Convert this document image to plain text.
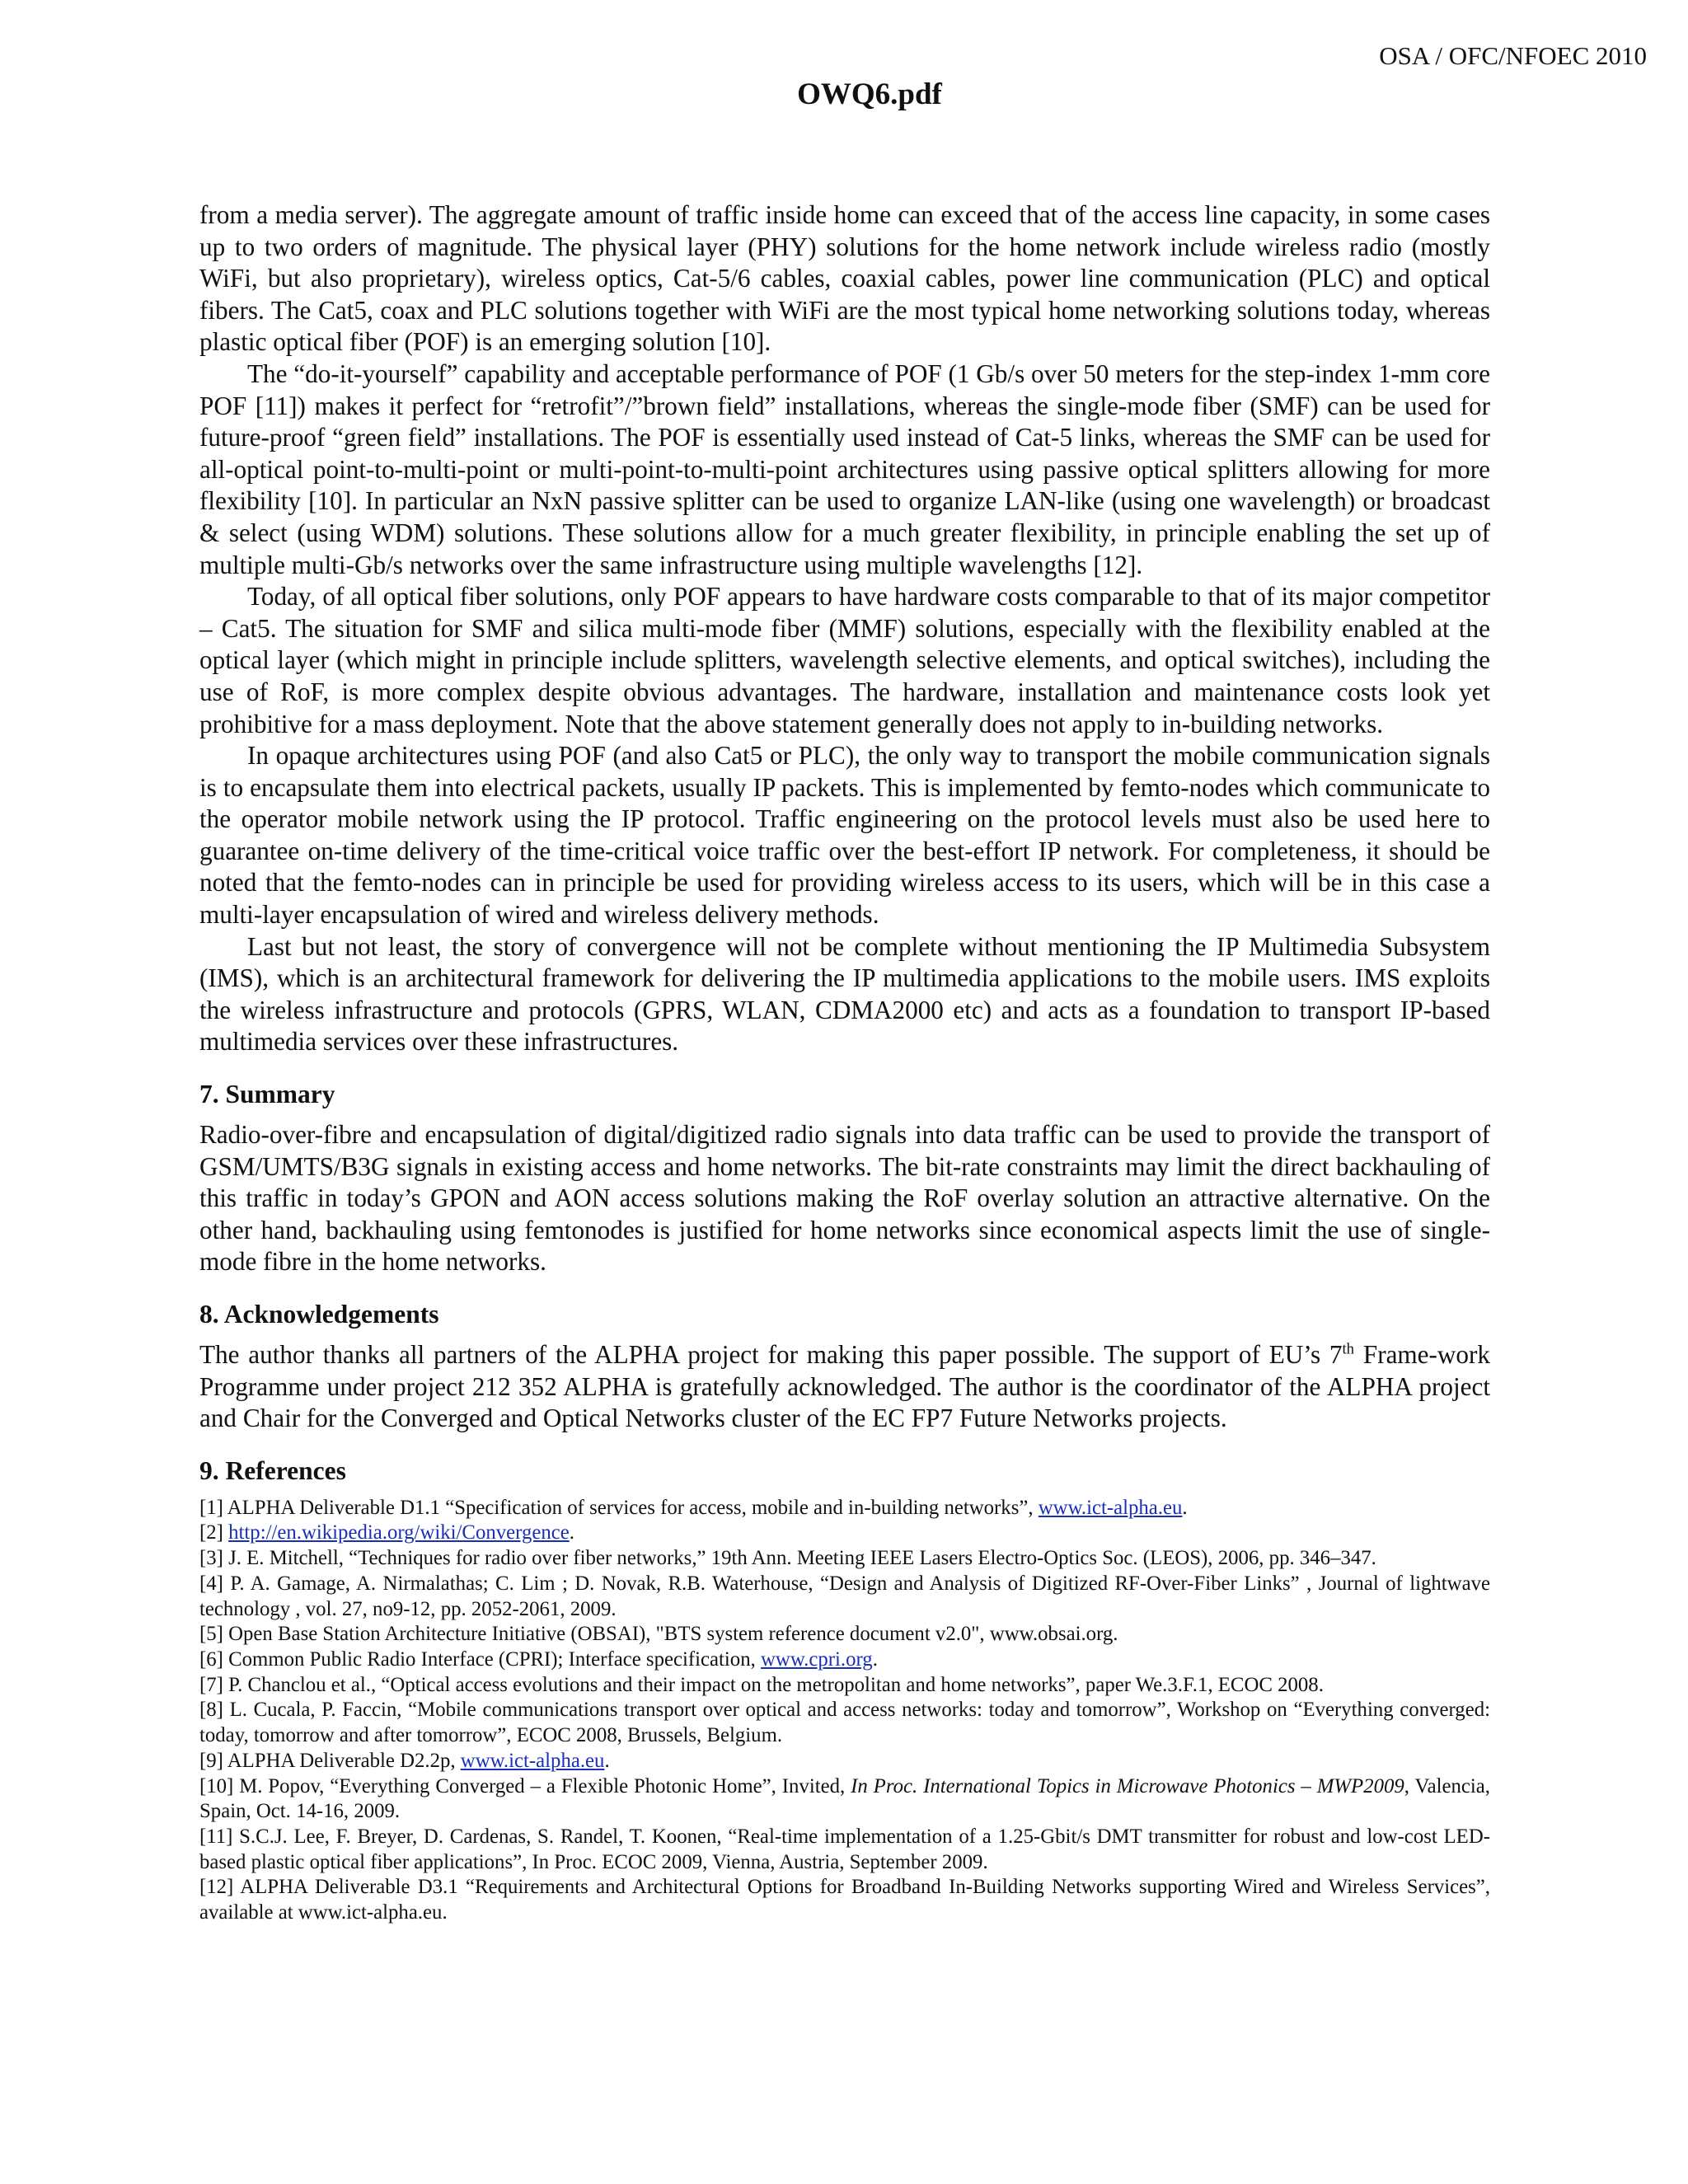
OSA / OFC/NFOEC 2010
OWQ6.pdf

from a media server). The aggregate amount of traffic inside home can exceed that of the access line capacity, in some cases up to two orders of magnitude. The physical layer (PHY) solutions for the home network include wireless radio (mostly WiFi, but also proprietary), wireless optics, Cat-5/6 cables, coaxial cables, power line communication (PLC) and optical fibers. The Cat5, coax and PLC solutions together with WiFi are the most typical home networking solutions today, whereas plastic optical fiber (POF) is an emerging solution [10].

The “do-it-yourself” capability and acceptable performance of POF (1 Gb/s over 50 meters for the step-index 1-mm core POF [11]) makes it perfect for “retrofit”/”brown field” installations, whereas the single-mode fiber (SMF) can be used for future-proof “green field” installations. The POF is essentially used instead of Cat-5 links, whereas the SMF can be used for all-optical point-to-multi-point or multi-point-to-multi-point architectures using passive optical splitters allowing for more flexibility [10]. In particular an NxN passive splitter can be used to organize LAN-like (using one wavelength) or broadcast & select (using WDM) solutions. These solutions allow for a much greater flexibility, in principle enabling the set up of multiple multi-Gb/s networks over the same infrastructure using multiple wavelengths [12].

Today, of all optical fiber solutions, only POF appears to have hardware costs comparable to that of its major competitor – Cat5. The situation for SMF and silica multi-mode fiber (MMF) solutions, especially with the flexibility enabled at the optical layer (which might in principle include splitters, wavelength selective elements, and optical switches), including the use of RoF, is more complex despite obvious advantages. The hardware, installation and maintenance costs look yet prohibitive for a mass deployment. Note that the above statement generally does not apply to in-building networks.

In opaque architectures using POF (and also Cat5 or PLC), the only way to transport the mobile communication signals is to encapsulate them into electrical packets, usually IP packets. This is implemented by femto-nodes which communicate to the operator mobile network using the IP protocol. Traffic engineering on the protocol levels must also be used here to guarantee on-time delivery of the time-critical voice traffic over the best-effort IP network. For completeness, it should be noted that the femto-nodes can in principle be used for providing wireless access to its users, which will be in this case a multi-layer encapsulation of wired and wireless delivery methods.

Last but not least, the story of convergence will not be complete without mentioning the IP Multimedia Subsystem (IMS), which is an architectural framework for delivering the IP multimedia applications to the mobile users. IMS exploits the wireless infrastructure and protocols (GPRS, WLAN, CDMA2000 etc) and acts as a foundation to transport IP-based multimedia services over these infrastructures.

7. Summary

Radio-over-fibre and encapsulation of digital/digitized radio signals into data traffic can be used to provide the transport of GSM/UMTS/B3G signals in existing access and home networks. The bit-rate constraints may limit the direct backhauling of this traffic in today’s GPON and AON access solutions making the RoF overlay solution an attractive alternative. On the other hand, backhauling using femtonodes is justified for home networks since economical aspects limit the use of single-mode fibre in the home networks.

8. Acknowledgements

The author thanks all partners of the ALPHA project for making this paper possible. The support of EU’s 7th Frame-work Programme under project 212 352 ALPHA is gratefully acknowledged. The author is the coordinator of the ALPHA project and Chair for the Converged and Optical Networks cluster of the EC FP7 Future Networks projects.

9. References

[1] ALPHA Deliverable D1.1 “Specification of services for access, mobile and in-building networks”, www.ict-alpha.eu.

[2] http://en.wikipedia.org/wiki/Convergence.

[3] J. E. Mitchell, “Techniques for radio over fiber networks,” 19th Ann. Meeting IEEE Lasers Electro-Optics Soc. (LEOS), 2006, pp. 346–347.

[4] P. A. Gamage, A. Nirmalathas; C. Lim ; D. Novak, R.B. Waterhouse, “Design and Analysis of Digitized RF-Over-Fiber Links” , Journal of lightwave technology , vol. 27, no9-12, pp. 2052-2061, 2009.

[5] Open Base Station Architecture Initiative (OBSAI), "BTS system reference document v2.0", www.obsai.org.

[6] Common Public Radio Interface (CPRI); Interface specification, www.cpri.org.

[7] P. Chanclou et al., “Optical access evolutions and their impact on the metropolitan and home networks”, paper We.3.F.1, ECOC 2008.

[8] L. Cucala, P. Faccin, “Mobile communications transport over optical and access networks: today and tomorrow”, Workshop on “Everything converged: today, tomorrow and after tomorrow”, ECOC 2008, Brussels, Belgium.

[9] ALPHA Deliverable D2.2p, www.ict-alpha.eu.

[10] M. Popov, “Everything Converged – a Flexible Photonic Home”, Invited, In Proc. International Topics in Microwave Photonics – MWP2009, Valencia, Spain, Oct. 14-16, 2009.

[11] S.C.J. Lee, F. Breyer, D. Cardenas, S. Randel, T. Koonen, “Real-time implementation of a 1.25-Gbit/s DMT transmitter for robust and low-cost LED-based plastic optical fiber applications”, In Proc. ECOC 2009, Vienna, Austria, September 2009.

[12] ALPHA Deliverable D3.1 “Requirements and Architectural Options for Broadband In-Building Networks supporting Wired and Wireless Services”, available at www.ict-alpha.eu.
